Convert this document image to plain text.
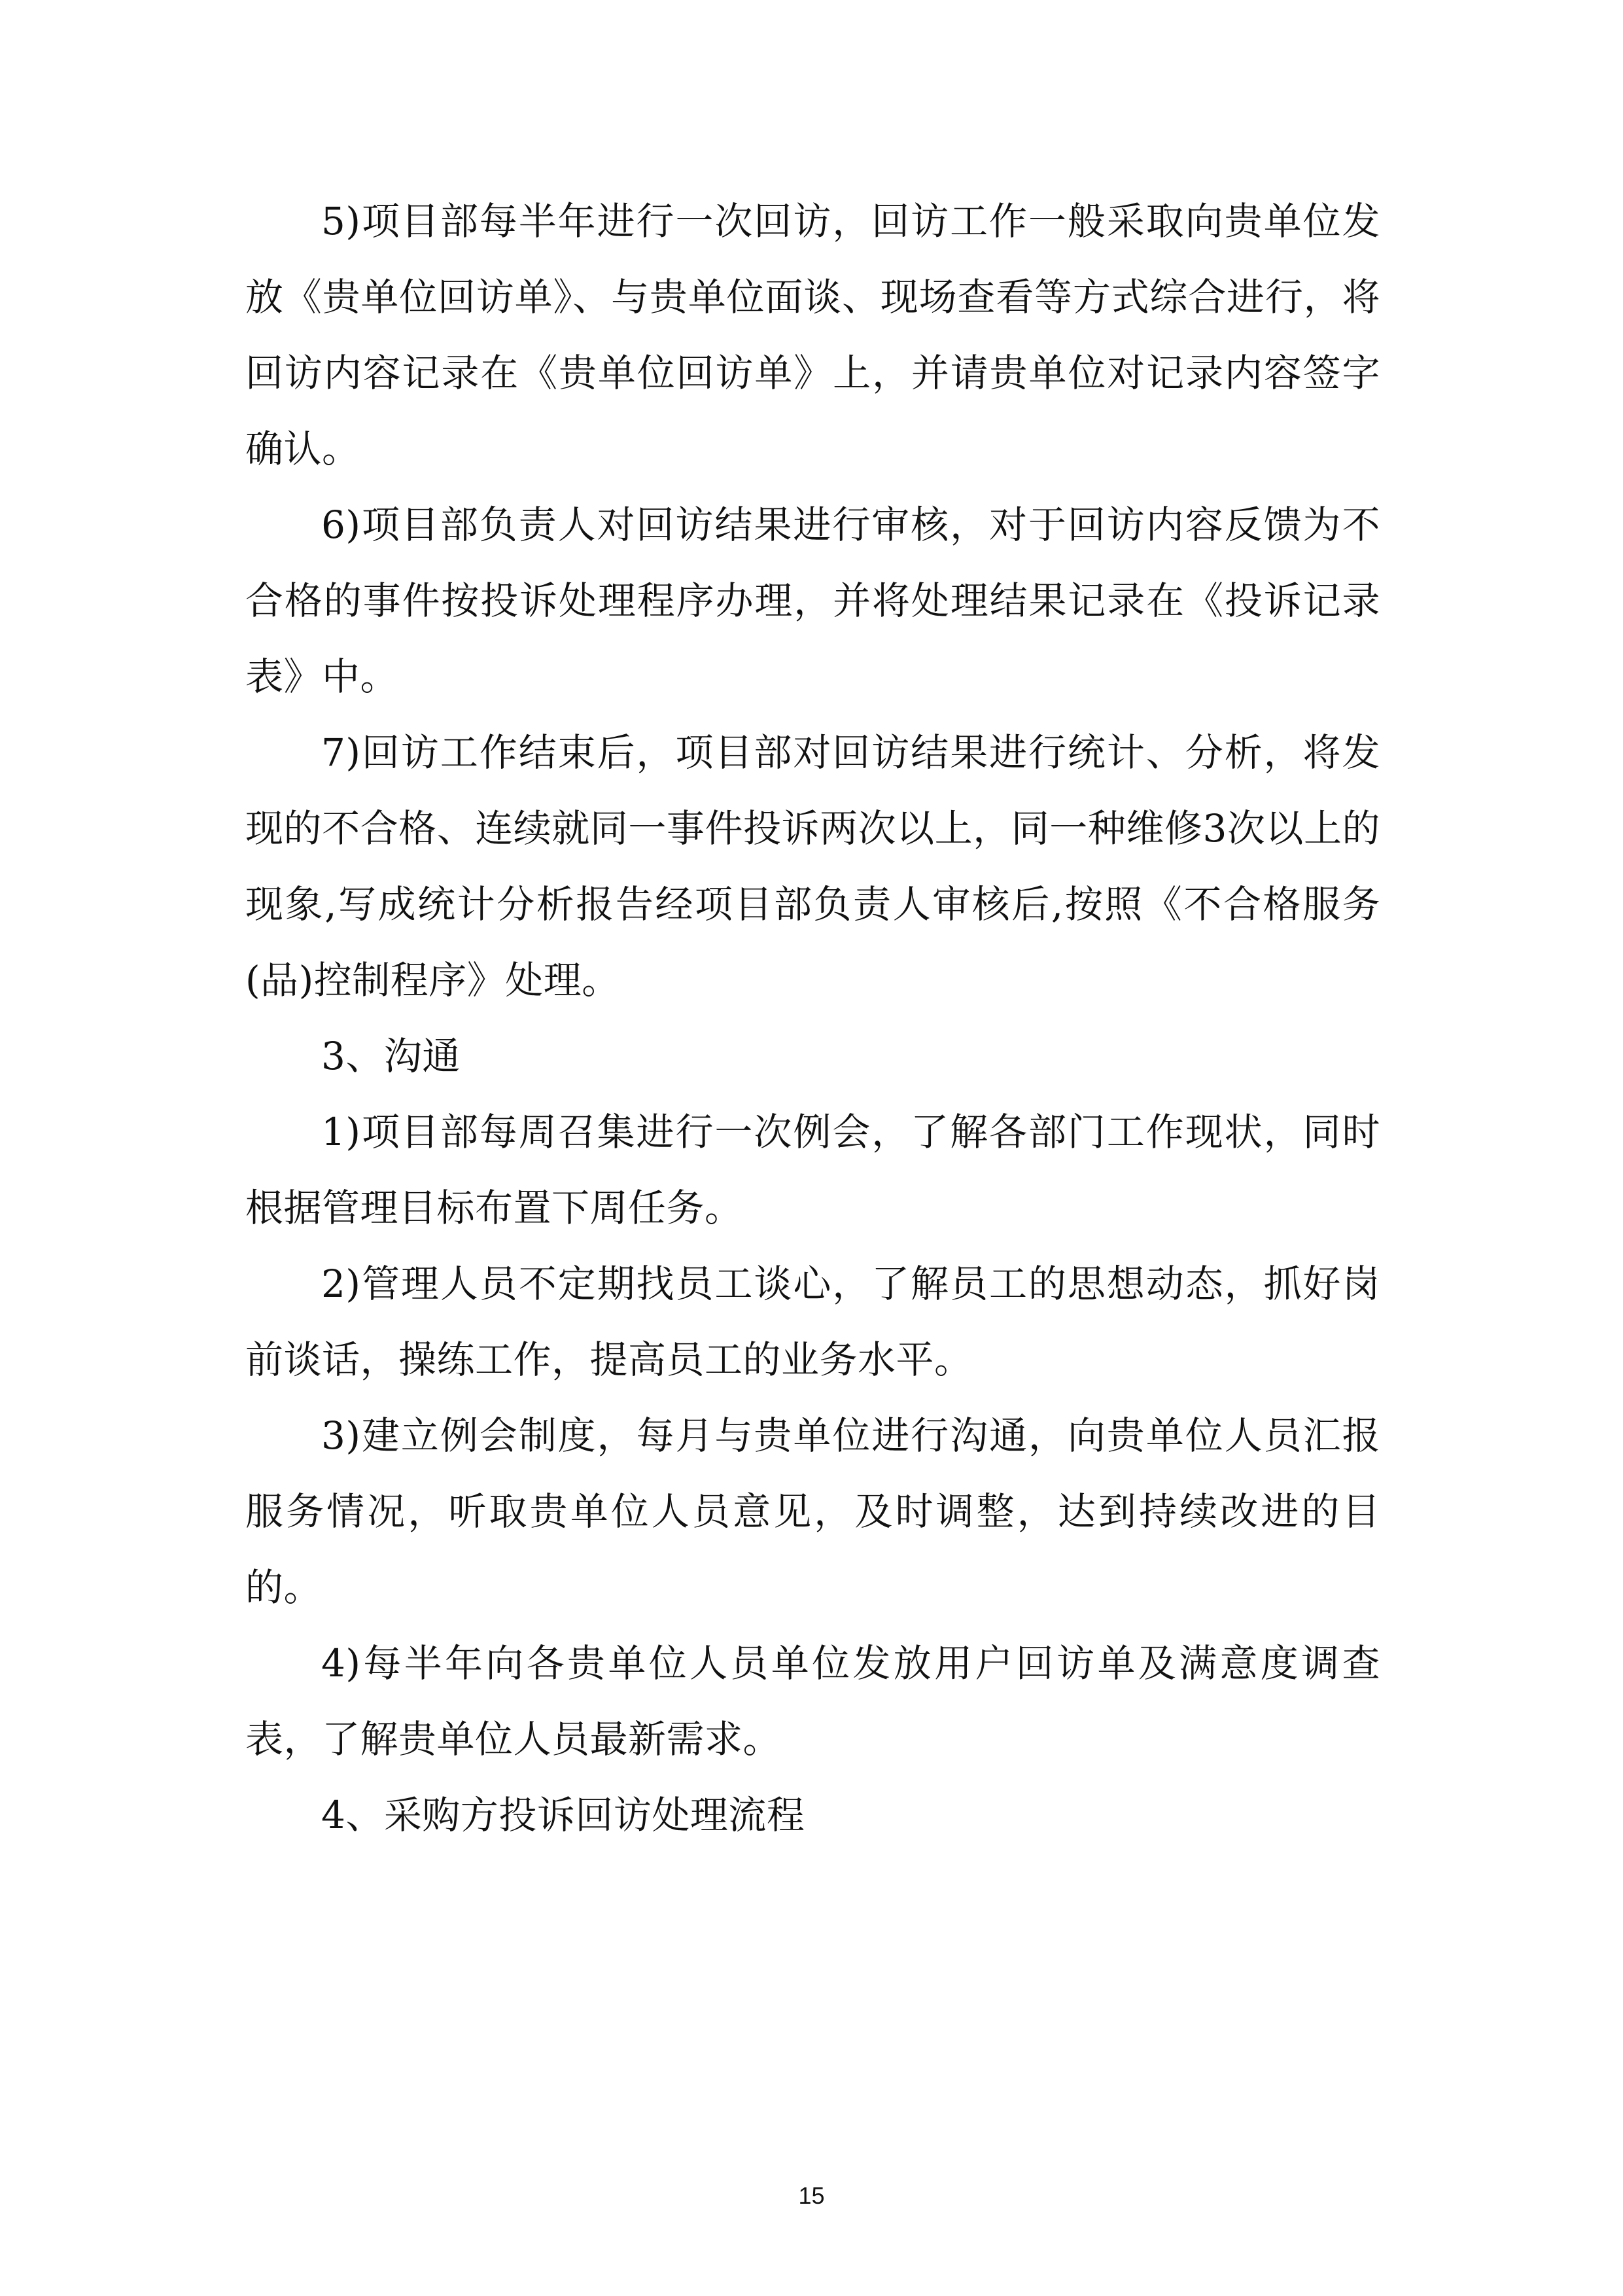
5)项目部每半年进行一次回访，回访工作一般采取向贵单位发放《贵单位回访单》、与贵单位面谈、现场查看等方式综合进行，将回访内容记录在《贵单位回访单》上，并请贵单位对记录内容签字确认。

6)项目部负责人对回访结果进行审核，对于回访内容反馈为不合格的事件按投诉处理程序办理，并将处理结果记录在《投诉记录表》中。

7)回访工作结束后，项目部对回访结果进行统计、分析，将发现的不合格、连续就同一事件投诉两次以上，同一种维修3次以上的现象,写成统计分析报告经项目部负责人审核后,按照《不合格服务(品)控制程序》处理。

3、沟通

1)项目部每周召集进行一次例会，了解各部门工作现状，同时根据管理目标布置下周任务。

2)管理人员不定期找员工谈心，了解员工的思想动态，抓好岗前谈话，操练工作，提高员工的业务水平。

3)建立例会制度，每月与贵单位进行沟通，向贵单位人员汇报服务情况，听取贵单位人员意见，及时调整，达到持续改进的目的。

4)每半年向各贵单位人员单位发放用户回访单及满意度调查表，了解贵单位人员最新需求。

4、采购方投诉回访处理流程

15
